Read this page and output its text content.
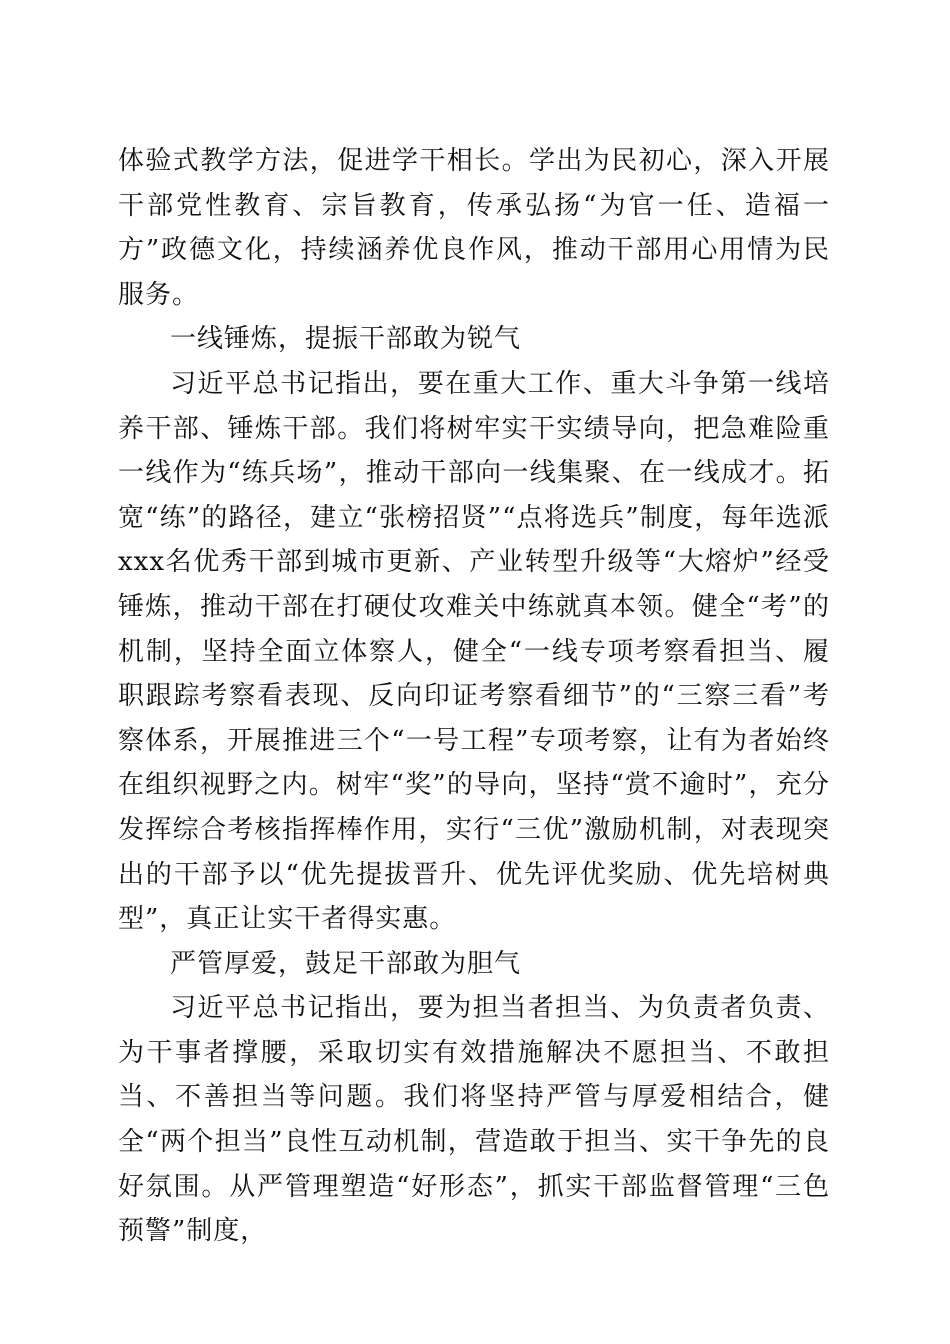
体验式教学方法，促进学干相长。学出为民初心，深入开展干部党性教育、宗旨教育，传承弘扬“为官一任、造福一方”政德文化，持续涵养优良作风，推动干部用心用情为民服务。

一线锤炼，提振干部敢为锐气

习近平总书记指出，要在重大工作、重大斗争第一线培养干部、锤炼干部。我们将树牢实干实绩导向，把急难险重一线作为“练兵场”，推动干部向一线集聚、在一线成才。拓宽“练”的路径，建立“张榜招贤”“点将选兵”制度，每年选派xxx名优秀干部到城市更新、产业转型升级等“大熔炉”经受锤炼，推动干部在打硬仗攻难关中练就真本领。健全“考”的机制，坚持全面立体察人，健全“一线专项考察看担当、履职跟踪考察看表现、反向印证考察看细节”的“三察三看”考察体系，开展推进三个“一号工程”专项考察，让有为者始终在组织视野之内。树牢“奖”的导向，坚持“赏不逾时”，充分发挥综合考核指挥棒作用，实行“三优”激励机制，对表现突出的干部予以“优先提拔晋升、优先评优奖励、优先培树典型”，真正让实干者得实惠。

严管厚爱，鼓足干部敢为胆气

习近平总书记指出，要为担当者担当、为负责者负责、为干事者撑腰，采取切实有效措施解决不愿担当、不敢担当、不善担当等问题。我们将坚持严管与厚爱相结合，健全“两个担当”良性互动机制，营造敢于担当、实干争先的良好氛围。从严管理塑造“好形态”，抓实干部监督管理“三色预警”制度，
